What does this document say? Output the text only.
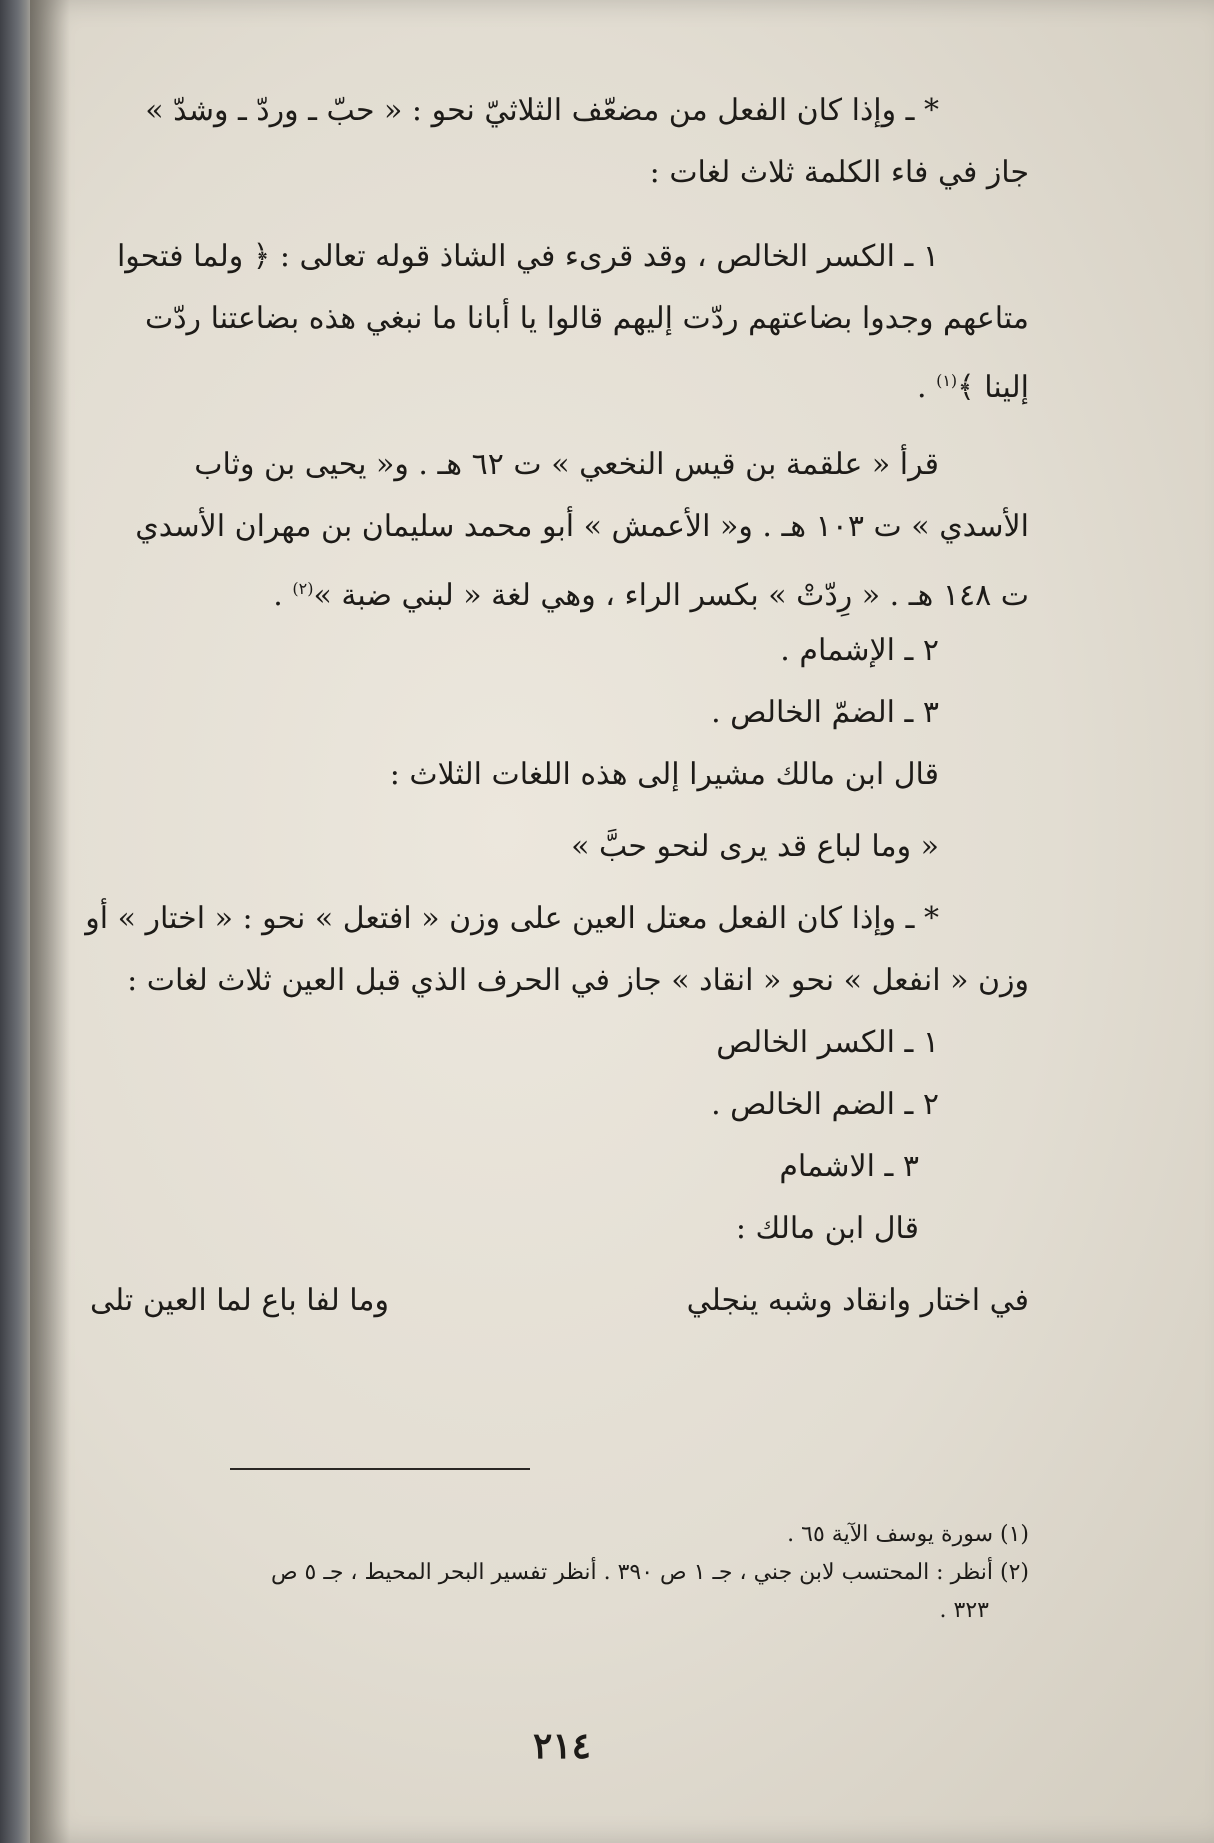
* ـ وإذا كان الفعل من مضعّف الثلاثيّ نحو : « حبّ ـ وردّ ـ وشدّ »
جاز في فاء الكلمة ثلاث لغات :
١ ـ الكسر الخالص ، وقد قرىء في الشاذ قوله تعالى : ﴿ ولما فتحوا
متاعهم وجدوا بضاعتهم ردّت إليهم قالوا يا أبانا ما نبغي هذه بضاعتنا ردّت
إلينا ﴾$^{(١)}$ .
قرأ « علقمة بن قيس النخعي » ت ٦٢ هـ . و« يحيى بن وثاب
الأسدي » ت ١٠٣ هـ . و« الأعمش » أبو محمد سليمان بن مهران الأسدي
ت ١٤٨ هـ . « رِدّتْ » بكسر الراء ، وهي لغة « لبني ضبة »$^{(٢)}$ .
٢ ـ الإشمام .
٣ ـ الضمّ الخالص .
قال ابن مالك مشيرا إلى هذه اللغات الثلاث :
« وما لباع قد يرى لنحو حبَّ »
* ـ وإذا كان الفعل معتل العين على وزن « افتعل » نحو : « اختار » أو
وزن « انفعل » نحو « انقاد » جاز في الحرف الذي قبل العين ثلاث لغات :
١ ـ الكسر الخالص
٢ ـ الضم الخالص .
٣ ـ الاشمام
قال ابن مالك :
في اختار وانقاد وشبه ينجلي
وما لفا باع لما العين تلى
(١) سورة يوسف الآية ٦٥ .
(٢) أنظر : المحتسب لابن جني ، جـ ١ ص ٣٩٠ . أنظر تفسير البحر المحيط ، جـ ٥ ص
٣٢٣ .
٢١٤
